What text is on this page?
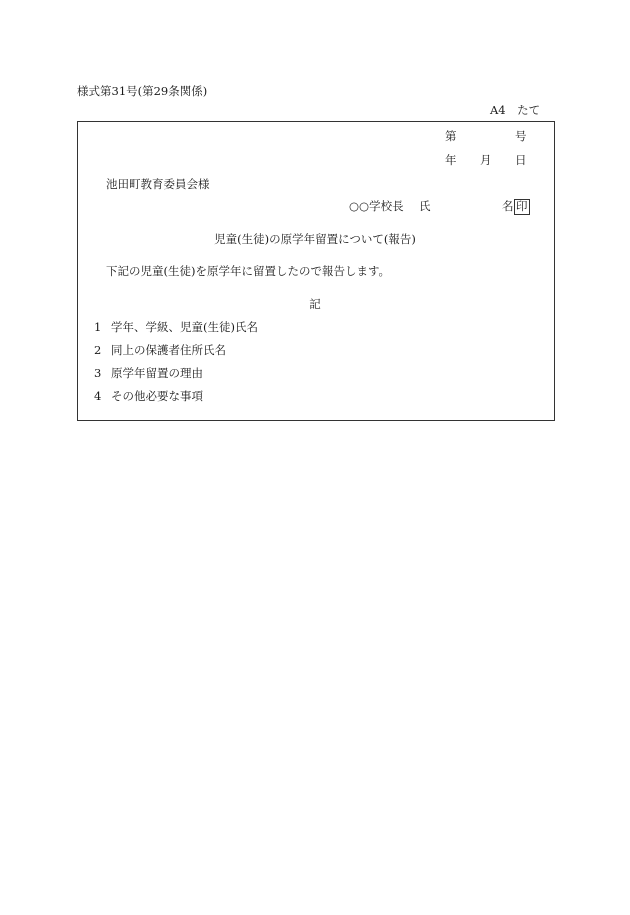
様式第31号(第29条関係)
A4　たて
第	号
年 月 日
池田町教育委員会様
○○学校長 氏	名 印
児童(生徒)の原学年留置について(報告)
下記の児童(生徒)を原学年に留置したので報告します。
記
1 学年、学級、児童(生徒)氏名
2 同上の保護者住所氏名
3 原学年留置の理由
4 その他必要な事項
